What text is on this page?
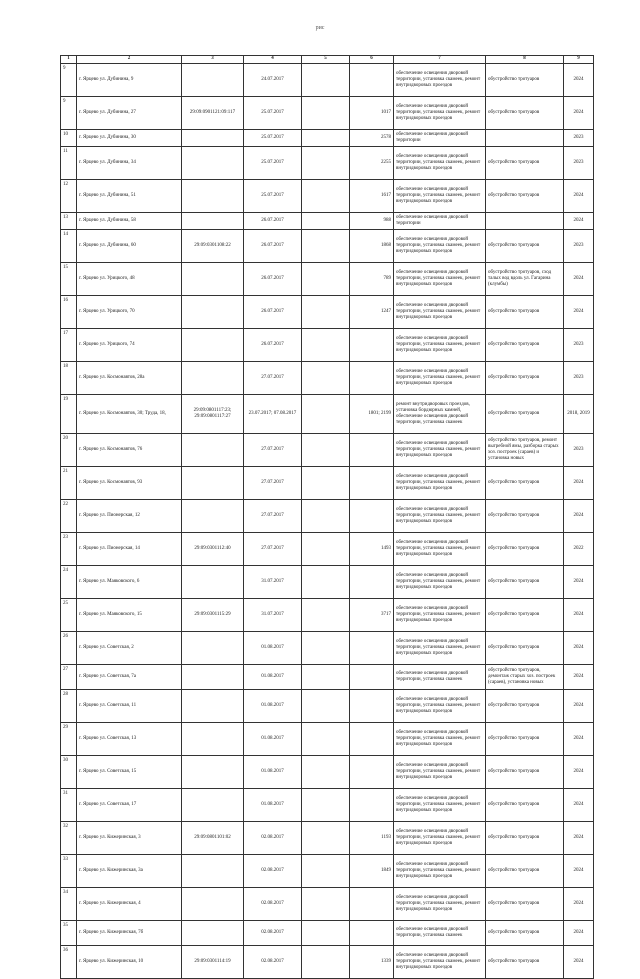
рис
1	2	3	4	5	6	7	8	9
9	г. Ярцево ул. Дубинина, 9		24.07.2017			обеспечение освещения дворовой территории, установка скамеек, ремонт внутридворовых проездов	обустройство тротуаров	2024
9	г. Ярцево ул. Дубинина, 27	29:09:0901121:09:117	25.07.2017		1017	обеспечение освещения дворовой территории, установка скамеек, ремонт внутридворовых проездов	обустройство тротуаров	2024
10	г. Ярцево ул. Дубинина, 30		25.07.2017		2578	обеспечение освещения дворовой территории		2023
11	г. Ярцево ул. Дубинина, 34		25.07.2017		2255	обеспечение освещения дворовой территории, установка скамеек, ремонт внутридворовых проездов	обустройство тротуаров	2023
12	г. Ярцево ул. Дубинина, 51		25.07.2017		1617	обеспечение освещения дворовой территории, установка скамеек, ремонт внутридворовых проездов	обустройство тротуаров	2024
13	г. Ярцево ул. Дубинина, 58		26.07.2017		988	обеспечение освещения дворовой территории		2024
14	г. Ярцево ул. Дубинина, 60	29:09:0301108:22	26.07.2017		1868	обеспечение освещения дворовой территории, установка скамеек, ремонт внутридворовых проездов	обустройство тротуаров	2023
15	г. Ярцево ул. Урицкого, 48		26.07.2017		789	обеспечение освещения дворовой территории, установка скамеек, ремонт внутридворовых проездов	обустройство тротуаров, сход талых вод вдоль ул. Гагарина (клумбы)	2024
16	г. Ярцево ул. Урицкого, 70		26.07.2017		1247	обеспечение освещения дворовой территории, установка скамеек, ремонт внутридворовых проездов	обустройство тротуаров	2024
17	г. Ярцево ул. Урицкого, 74		26.07.2017			обеспечение освещения дворовой территории, установка скамеек, ремонт внутридворовых проездов	обустройство тротуаров	2023
18	г. Ярцево ул. Космонавтов, 28а		27.07.2017			обеспечение освещения дворовой территории, установка скамеек, ремонт внутридворовых проездов	обустройство тротуаров	2023
19	г. Ярцево ул. Космонавтов, 30; Труда, 18,	29:09:0801117:23; 29:09:0801117:27	23.07.2017; 07.08.2017		1801; 2199	ремонт внутридворовых проездов, установка бордюрных камней, обеспечение освещения дворовой территории, установка скамеек	обустройство тротуаров	2018, 2019
20	г. Ярцево ул. Космонавтов, 76		27.07.2017			обеспечение освещения дворовой территории, установка скамеек, ремонт внутридворовых проездов	обустройство тротуаров, ремонт выгребной ямы, разборка старых хоз. построек (сараев) и установка новых	2023
21	г. Ярцево ул. Космонавтов, 93		27.07.2017			обеспечение освещения дворовой территории, установка скамеек, ремонт внутридворовых проездов	обустройство тротуаров	2024
22	г. Ярцево ул. Пионерская, 12		27.07.2017			обеспечение освещения дворовой территории, установка скамеек, ремонт внутридворовых проездов	обустройство тротуаров	2024
23	г. Ярцево ул. Пионерская, 14	29:09:0301112:40	27.07.2017		1493	обеспечение освещения дворовой территории, установка скамеек, ремонт внутридворовых проездов	обустройство тротуаров	2022
24	г. Ярцево ул. Маяковского, 6		31.07.2017			обеспечение освещения дворовой территории, установка скамеек, ремонт внутридворовых проездов	обустройство тротуаров	2024
25	г. Ярцево ул. Маяковского, 15	29:09:0301115:29	31.07.2017		3717	обеспечение освещения дворовой территории, установка скамеек, ремонт внутридворовых проездов	обустройство тротуаров	2024
26	г. Ярцево ул. Советская, 2		01.08.2017			обеспечение освещения дворовой территории, установка скамеек, ремонт внутридворовых проездов	обустройство тротуаров	2024
27	г. Ярцево ул. Советская, 7а		01.08.2017			обеспечение освещения дворовой территории, установка скамеек	обустройство тротуаров, демонтаж старых хоз. построек (сараев), установка новых	2024
28	г. Ярцево ул. Советская, 11		01.08.2017			обеспечение освещения дворовой территории, установка скамеек, ремонт внутридворовых проездов	обустройство тротуаров	2024
29	г. Ярцево ул. Советская, 13		01.08.2017			обеспечение освещения дворовой территории, установка скамеек, ремонт внутридворовых проездов	обустройство тротуаров	2024
30	г. Ярцево ул. Советская, 15		01.08.2017			обеспечение освещения дворовой территории, установка скамеек, ремонт внутридворовых проездов	обустройство тротуаров	2024
31	г. Ярцево ул. Советская, 17		01.08.2017			обеспечение освещения дворовой территории, установка скамеек, ремонт внутридворовых проездов	обустройство тротуаров	2024
32	г. Ярцево ул. Кижеринская, 3	29:09:0801101:02	02.08.2017		1193	обеспечение освещения дворовой территории, установка скамеек, ремонт внутридворовых проездов	обустройство тротуаров	2024
33	г. Ярцево ул. Кижеринская, 3а		02.08.2017		1849	обеспечение освещения дворовой территории, установка скамеек, ремонт внутридворовых проездов	обустройство тротуаров	2024
34	г. Ярцево ул. Кижеринская, 4		02.08.2017			обеспечение освещения дворовой территории, установка скамеек, ремонт внутридворовых проездов	обустройство тротуаров	2024
35	г. Ярцево ул. Кижеринская, 7б		02.08.2017			обеспечение освещения дворовой территории, установка скамеек	обустройство тротуаров	2024
36	г. Ярцево ул. Кижеринская, 10	29:09:0301114:19	02.08.2017		1339	обеспечение освещения дворовой территории, установка скамеек, ремонт внутридворовых проездов	обустройство тротуаров	2024
